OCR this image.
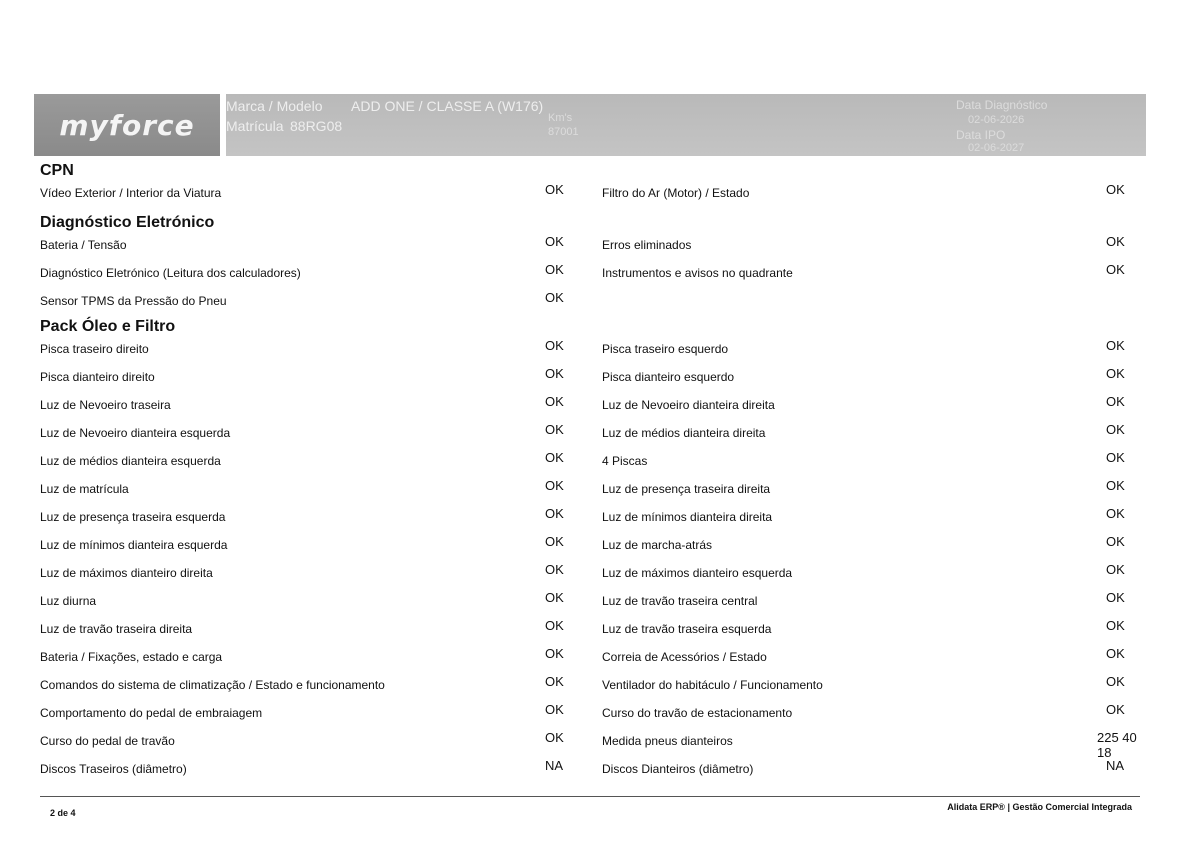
myforce
Marca / Modelo ADD ONE / CLASSE A (W176)
Matrícula 88RG08	Km's
87001
Data Diagnóstico
02-06-2026
Data IPO
02-06-2027
CPN
Vídeo Exterior / Interior da Viatura	OK	Filtro do Ar (Motor) / Estado	OK
Diagnóstico Eletrónico
Bateria / Tensão	OK	Erros eliminados	OK
Diagnóstico Eletrónico (Leitura dos calculadores)	OK	Instrumentos e avisos no quadrante	OK
Sensor TPMS da Pressão do Pneu	OK
Pack Óleo e Filtro
Pisca traseiro direito	OK	Pisca traseiro esquerdo	OK
Pisca dianteiro direito	OK	Pisca dianteiro esquerdo	OK
Luz de Nevoeiro traseira	OK	Luz de Nevoeiro dianteira direita	OK
Luz de Nevoeiro dianteira esquerda	OK	Luz de médios dianteira direita	OK
Luz de médios dianteira esquerda	OK	4 Piscas	OK
Luz de matrícula	OK	Luz de presença traseira direita	OK
Luz de presença traseira esquerda	OK	Luz de mínimos dianteira direita	OK
Luz de mínimos dianteira esquerda	OK	Luz de marcha-atrás	OK
Luz de máximos dianteiro direita	OK	Luz de máximos dianteiro esquerda	OK
Luz diurna	OK	Luz de travão traseira central	OK
Luz de travão traseira direita	OK	Luz de travão traseira esquerda	OK
Bateria / Fixações, estado e carga	OK	Correia de Acessórios / Estado	OK
Comandos do sistema de climatização / Estado e funcionamento	OK	Ventilador do habitáculo / Funcionamento	OK
Comportamento do pedal de embraiagem	OK	Curso do travão de estacionamento	OK
Curso do pedal de travão	OK	Medida pneus dianteiros	225 40 18
Discos Traseiros (diâmetro)	NA	Discos Dianteiros (diâmetro)	NA
2 de 4
Alidata ERP® | Gestão Comercial Integrada
